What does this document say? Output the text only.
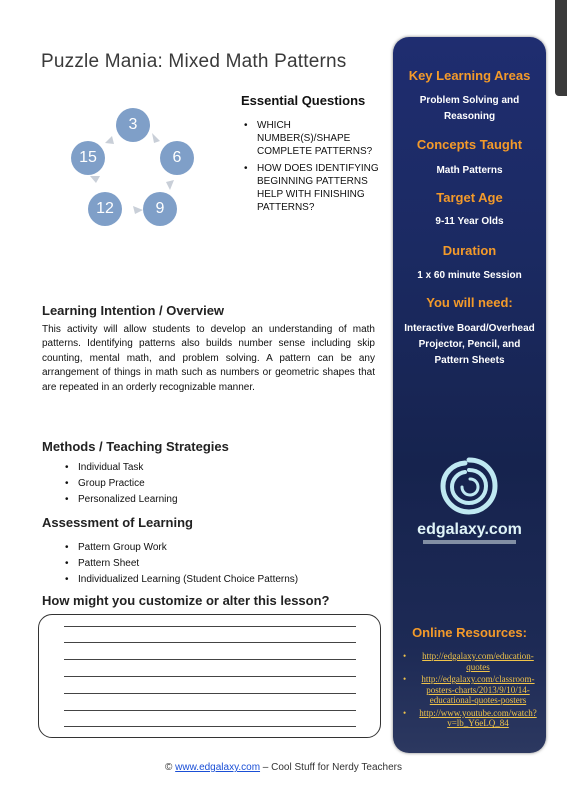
Puzzle Mania: Mixed Math Patterns
3
6
9
12
15
Essential Questions
• WHICH NUMBER(S)/SHAPE COMPLETE PATTERNS?
• HOW DOES IDENTIFYING BEGINNING PATTERNS HELP WITH FINISHING PATTERNS?
Learning Intention / Overview
This activity will allow students to develop an understanding of math patterns. Identifying patterns also builds number sense including skip counting, mental math, and problem solving. A pattern can be any arrangement of things in math such as numbers or geometric shapes that are repeated in an orderly recognizable manner.
Methods / Teaching Strategies
• Individual Task
• Group Practice
• Personalized Learning
Assessment of Learning
• Pattern Group Work
• Pattern Sheet
• Individualized Learning (Student Choice Patterns)
How might you customize or alter this lesson?
© www.edgalaxy.com – Cool Stuff for Nerdy Teachers
Key Learning Areas
Problem Solving and Reasoning
Concepts Taught
Math Patterns
Target Age
9-11 Year Olds
Duration
1 x 60 minute Session
You will need:
Interactive Board/Overhead Projector, Pencil, and Pattern Sheets
edgalaxy.com
Online Resources:
• http://edgalaxy.com/education-quotes
• http://edgalaxy.com/classroom-posters-charts/2013/9/10/14-educational-quotes-posters
• http://www.youtube.com/watch?v=lb_Y6eLQ_84
